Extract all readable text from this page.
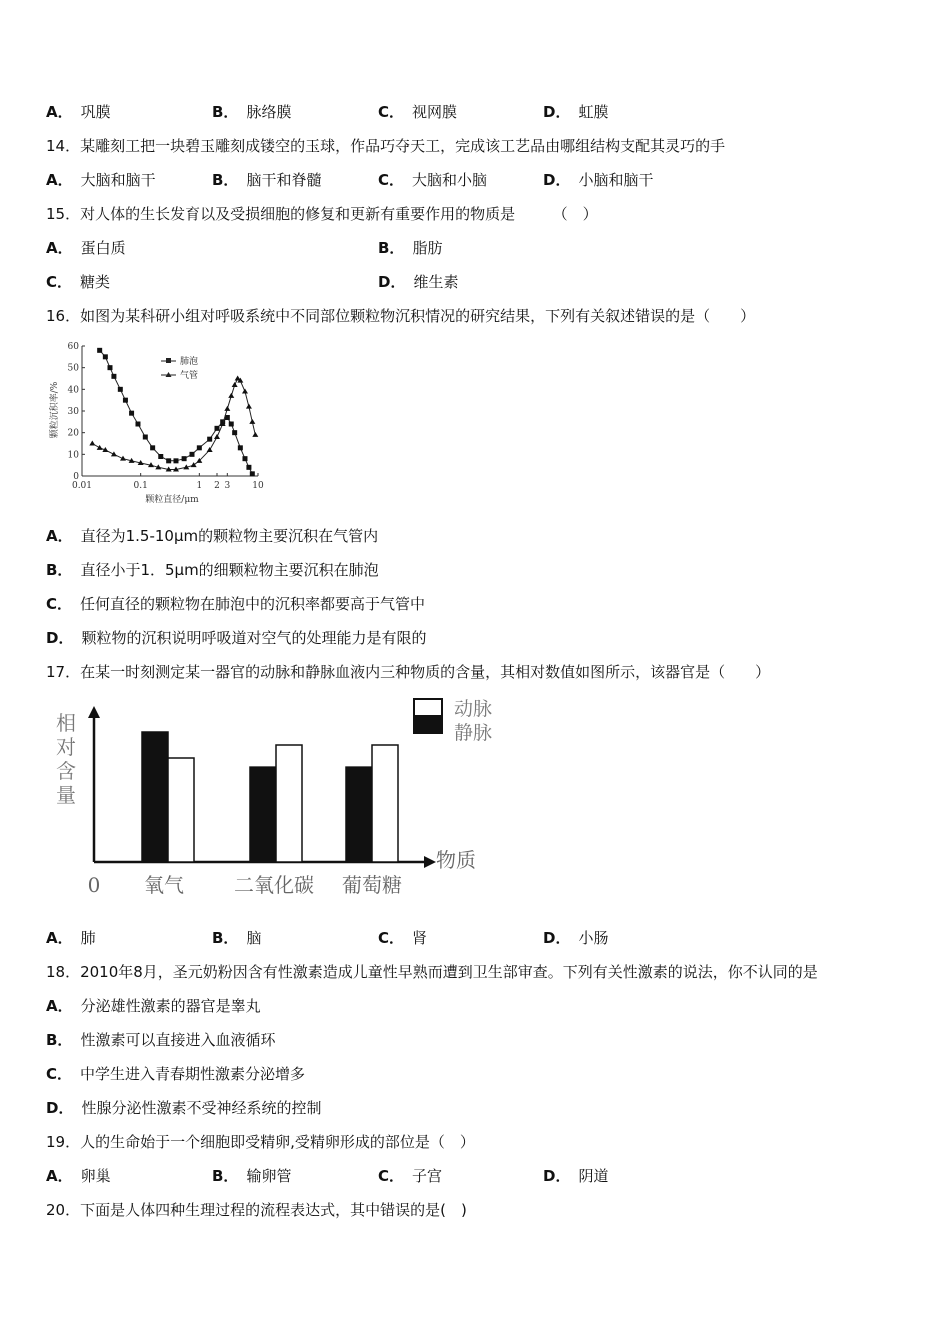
A． 巩膜	B． 脉络膜	C． 视网膜	D． 虹膜
14．某雕刻工把一块碧玉雕刻成镂空的玉球，作品巧夺天工，完成该工艺品由哪组结构支配其灵巧的手
A． 大脑和脑干	B． 脑干和脊髓	C． 大脑和小脑	D． 小脑和脑干
15．对人体的生长发育以及受损细胞的修复和更新有重要作用的物质是　　　（　）
A． 蛋白质	B． 脂肪
C． 糖类	D． 维生素
16．如图为某科研小组对呼吸系统中不同部位颗粒物沉积情况的研究结果，下列有关叙述错误的是（　　）
0
10
20
30
40
50
60
0.01	0.1	1 2 3 10
颗粒沉积率/%
颗粒直径/μm
肺泡
气管
A． 直径为1.5-10μm的颗粒物主要沉积在气管内
B． 直径小于1．5μm的细颗粒物主要沉积在肺泡
C． 任何直径的颗粒物在肺泡中的沉积率都要高于气管中
D． 颗粒物的沉积说明呼吸道对空气的处理能力是有限的
17．在某一时刻测定某一器官的动脉和静脉血液内三种物质的含量，其相对数值如图所示，该器官是（　　）
氧气	二氧化碳 葡萄糖
相
对
含
量
物质
0
动脉
静脉
A． 肺	B． 脑	C． 肾	D． 小肠
18．2010年8月，圣元奶粉因含有性激素造成儿童性早熟而遭到卫生部审查。下列有关性激素的说法，你不认同的是
A． 分泌雄性激素的器官是睾丸
B． 性激素可以直接进入血液循环
C． 中学生进入青春期性激素分泌增多
D． 性腺分泌性激素不受神经系统的控制
19．人的生命始于一个细胞即受精卵,受精卵形成的部位是（　）
A． 卵巢	B． 输卵管	C． 子宫	D． 阴道
20．下面是人体四种生理过程的流程表达式，其中错误的是(　)
